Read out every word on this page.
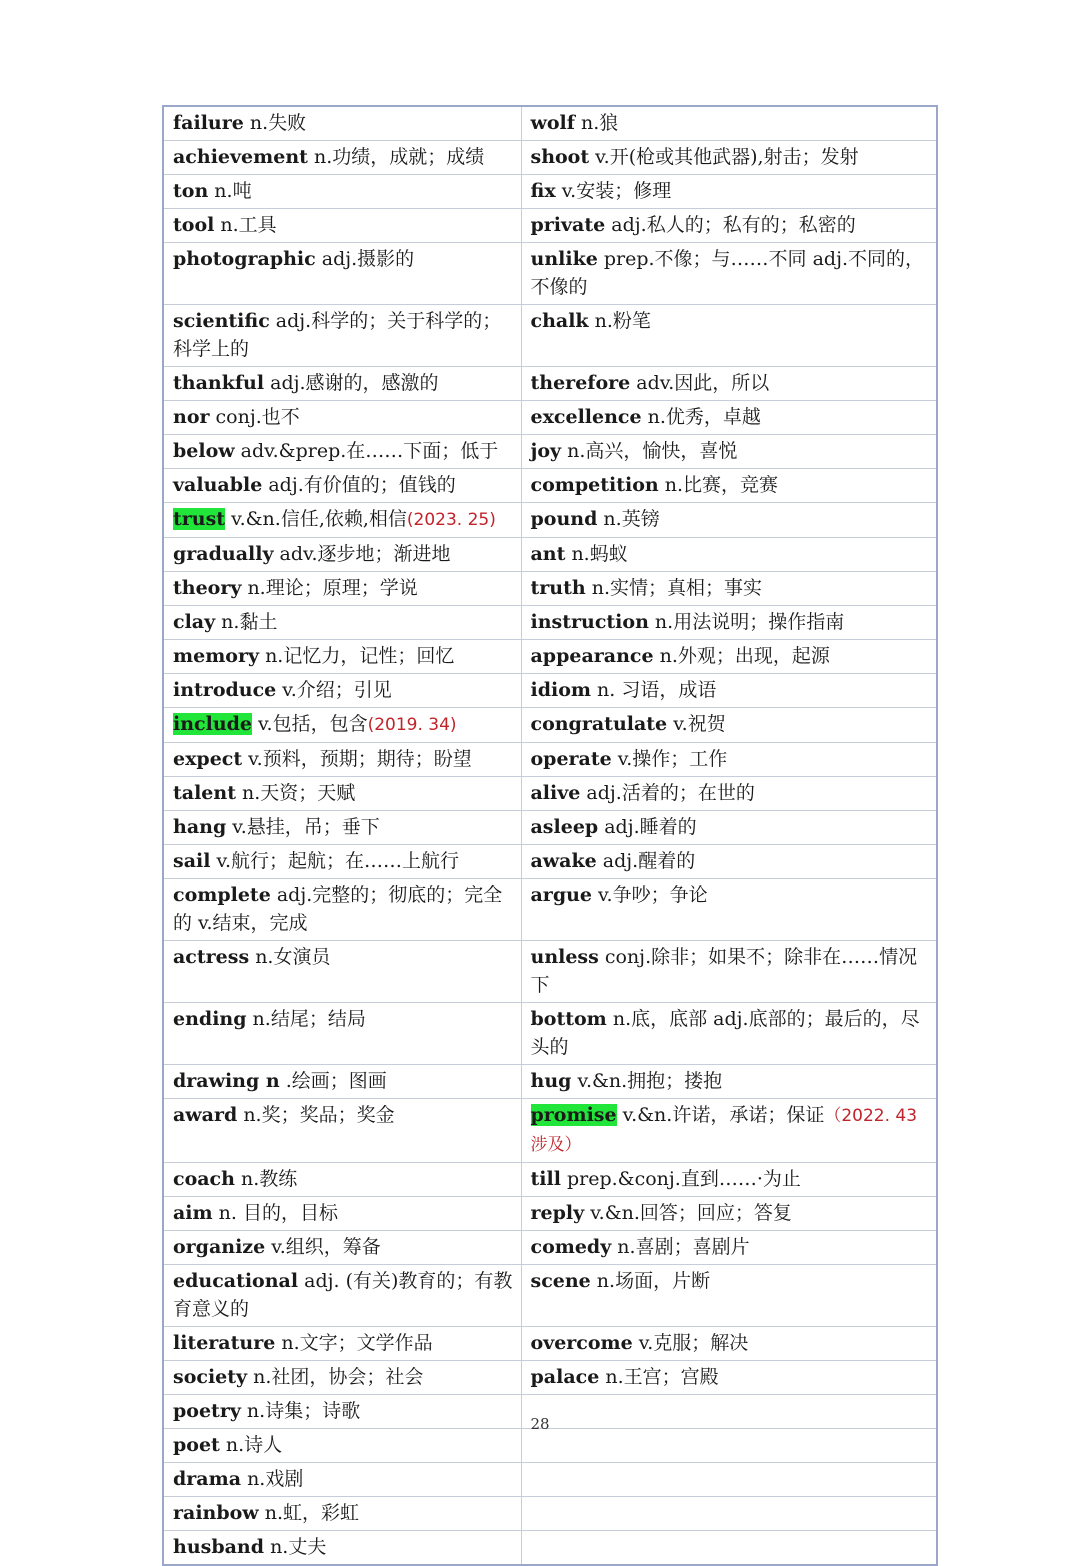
failure n.失败	wolf n.狼
achievement n.功绩，成就；成绩	shoot v.开(枪或其他武器),射击；发射
ton n.吨	fix v.安装；修理
tool n.工具	private adj.私人的；私有的；私密的
photographic adj.摄影的	unlike prep.不像；与……不同 adj.不同的，不像的
scientific adj.科学的；关于科学的；科学上的	chalk n.粉笔
thankful adj.感谢的，感激的	therefore adv.因此，所以
nor conj.也不	excellence n.优秀，卓越
below adv.&prep.在……下面；低于	joy n.高兴，愉快，喜悦
valuable adj.有价值的；值钱的	competition n.比赛，竞赛
trust v.&n.信任,依赖,相信(2023. 25)	pound n.英镑
gradually adv.逐步地；渐进地	ant n.蚂蚁
theory n.理论；原理；学说	truth n.实情；真相；事实
clay n.黏土	instruction n.用法说明；操作指南
memory n.记忆力，记性；回忆	appearance n.外观；出现，起源
introduce v.介绍；引见	idiom n. 习语，成语
include v.包括，包含(2019. 34)	congratulate v.祝贺
expect v.预料，预期；期待；盼望	operate v.操作；工作
talent n.天资；天赋	alive adj.活着的；在世的
hang v.悬挂，吊；垂下	asleep adj.睡着的
sail v.航行；起航；在……上航行	awake adj.醒着的
complete adj.完整的；彻底的；完全的 v.结束，完成	argue v.争吵；争论
actress n.女演员	unless conj.除非；如果不；除非在……情况下
ending n.结尾；结局	bottom n.底，底部 adj.底部的；最后的，尽头的
drawing n .绘画；图画	hug v.&n.拥抱；搂抱
award n.奖；奖品；奖金	promise v.&n.许诺，承诺；保证（2022. 43 涉及）
coach n.教练	till prep.&conj.直到……·为止
aim n. 目的，目标	reply v.&n.回答；回应；答复
organize v.组织，筹备	comedy n.喜剧；喜剧片
educational adj. (有关)教育的；有教育意义的	scene n.场面，片断
literature n.文字；文学作品	overcome v.克服；解决
society n.社团，协会；社会	palace n.王宫；宫殿
poetry n.诗集；诗歌	
poet n.诗人	
drama n.戏剧	
rainbow n.虹，彩虹	
husband n.丈夫	
28
